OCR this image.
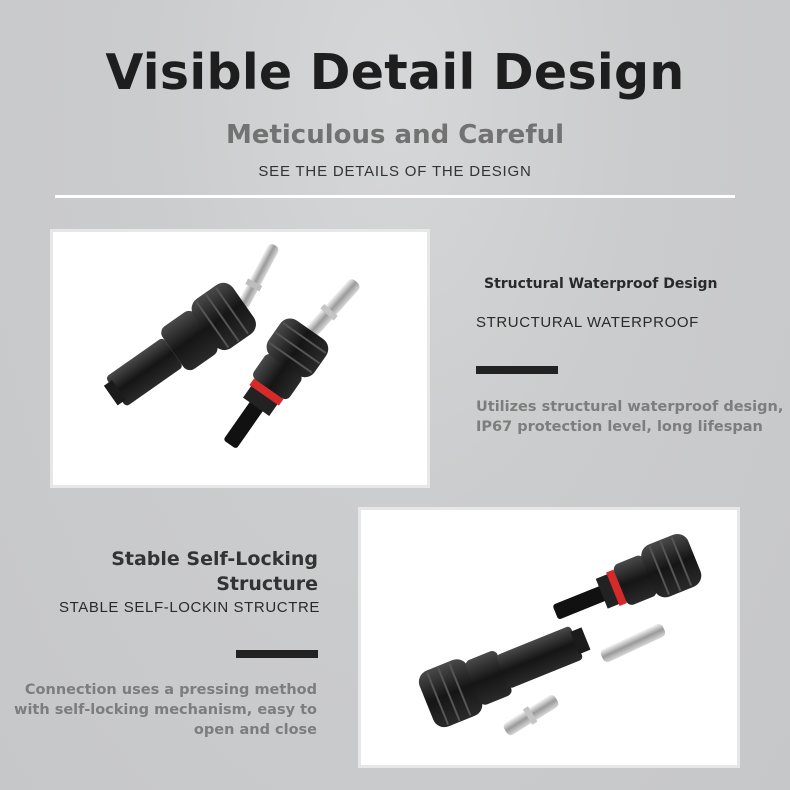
Visible Detail Design
Meticulous and Careful

SEE THE DETAILS OF THE DESIGN

Structural Waterproof Design

STRUCTURAL WATERPROOF

Utilizes structural waterproof design, IP67 protection level, long lifespan

Stable Self-Locking Structure

STABLE SELF-LOCKIN STRUCTRE

Connection uses a pressing method with self-locking mechanism, easy to open and close
